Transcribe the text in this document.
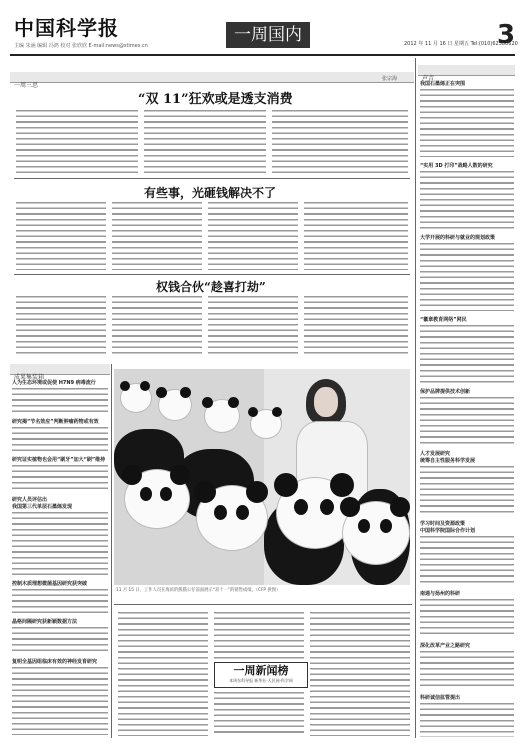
中国科学报
主编 朱涵 编辑 冯鸿 校对 张欣欣 E-mail:news@stimes.cn
一周国内	2012 年 11 月 16 日 星期五 Tel:(010)62580620
3
一周三思
张宗海	声音
“双 11”狂欢或是透支消费
有些事，光砸钱解决不了
权钱合伙“趁喜打劫”
成果集装箱
人为生态环境或促使 H7N9 病毒流行
研究揭“节名效应”判断肿瘤药物或有效
研究证实植物也会用“刷牙”加大“刷”维持
研究人员评估出
我国第三代单层石墨烯发现
控制木质理想微菌基因研究获突破
晶格间隔研究获新颖数据方法
复明全基因组临床有效的神经发育研究
我国石墨烯正在突围
“实用 3D 打印”战略人数的研究
大学开展的科研与就业的规划政策
“徽章教育网络”网民
保护品牌提供技术创新
人才发展研究
统筹自主性服务科学发展
学习时间及资源政策
中国科学院国际合作计划
南通与扬州的科研
深化改革产业之路研究
科研诚信监管提出
11 月 15 日，工作人员在海滨的熊猫公仔前面展示“双十一”的销售成绩。（CFP 供图）
一周新闻榜
本周东科导报 新华社·人民网·科学网
